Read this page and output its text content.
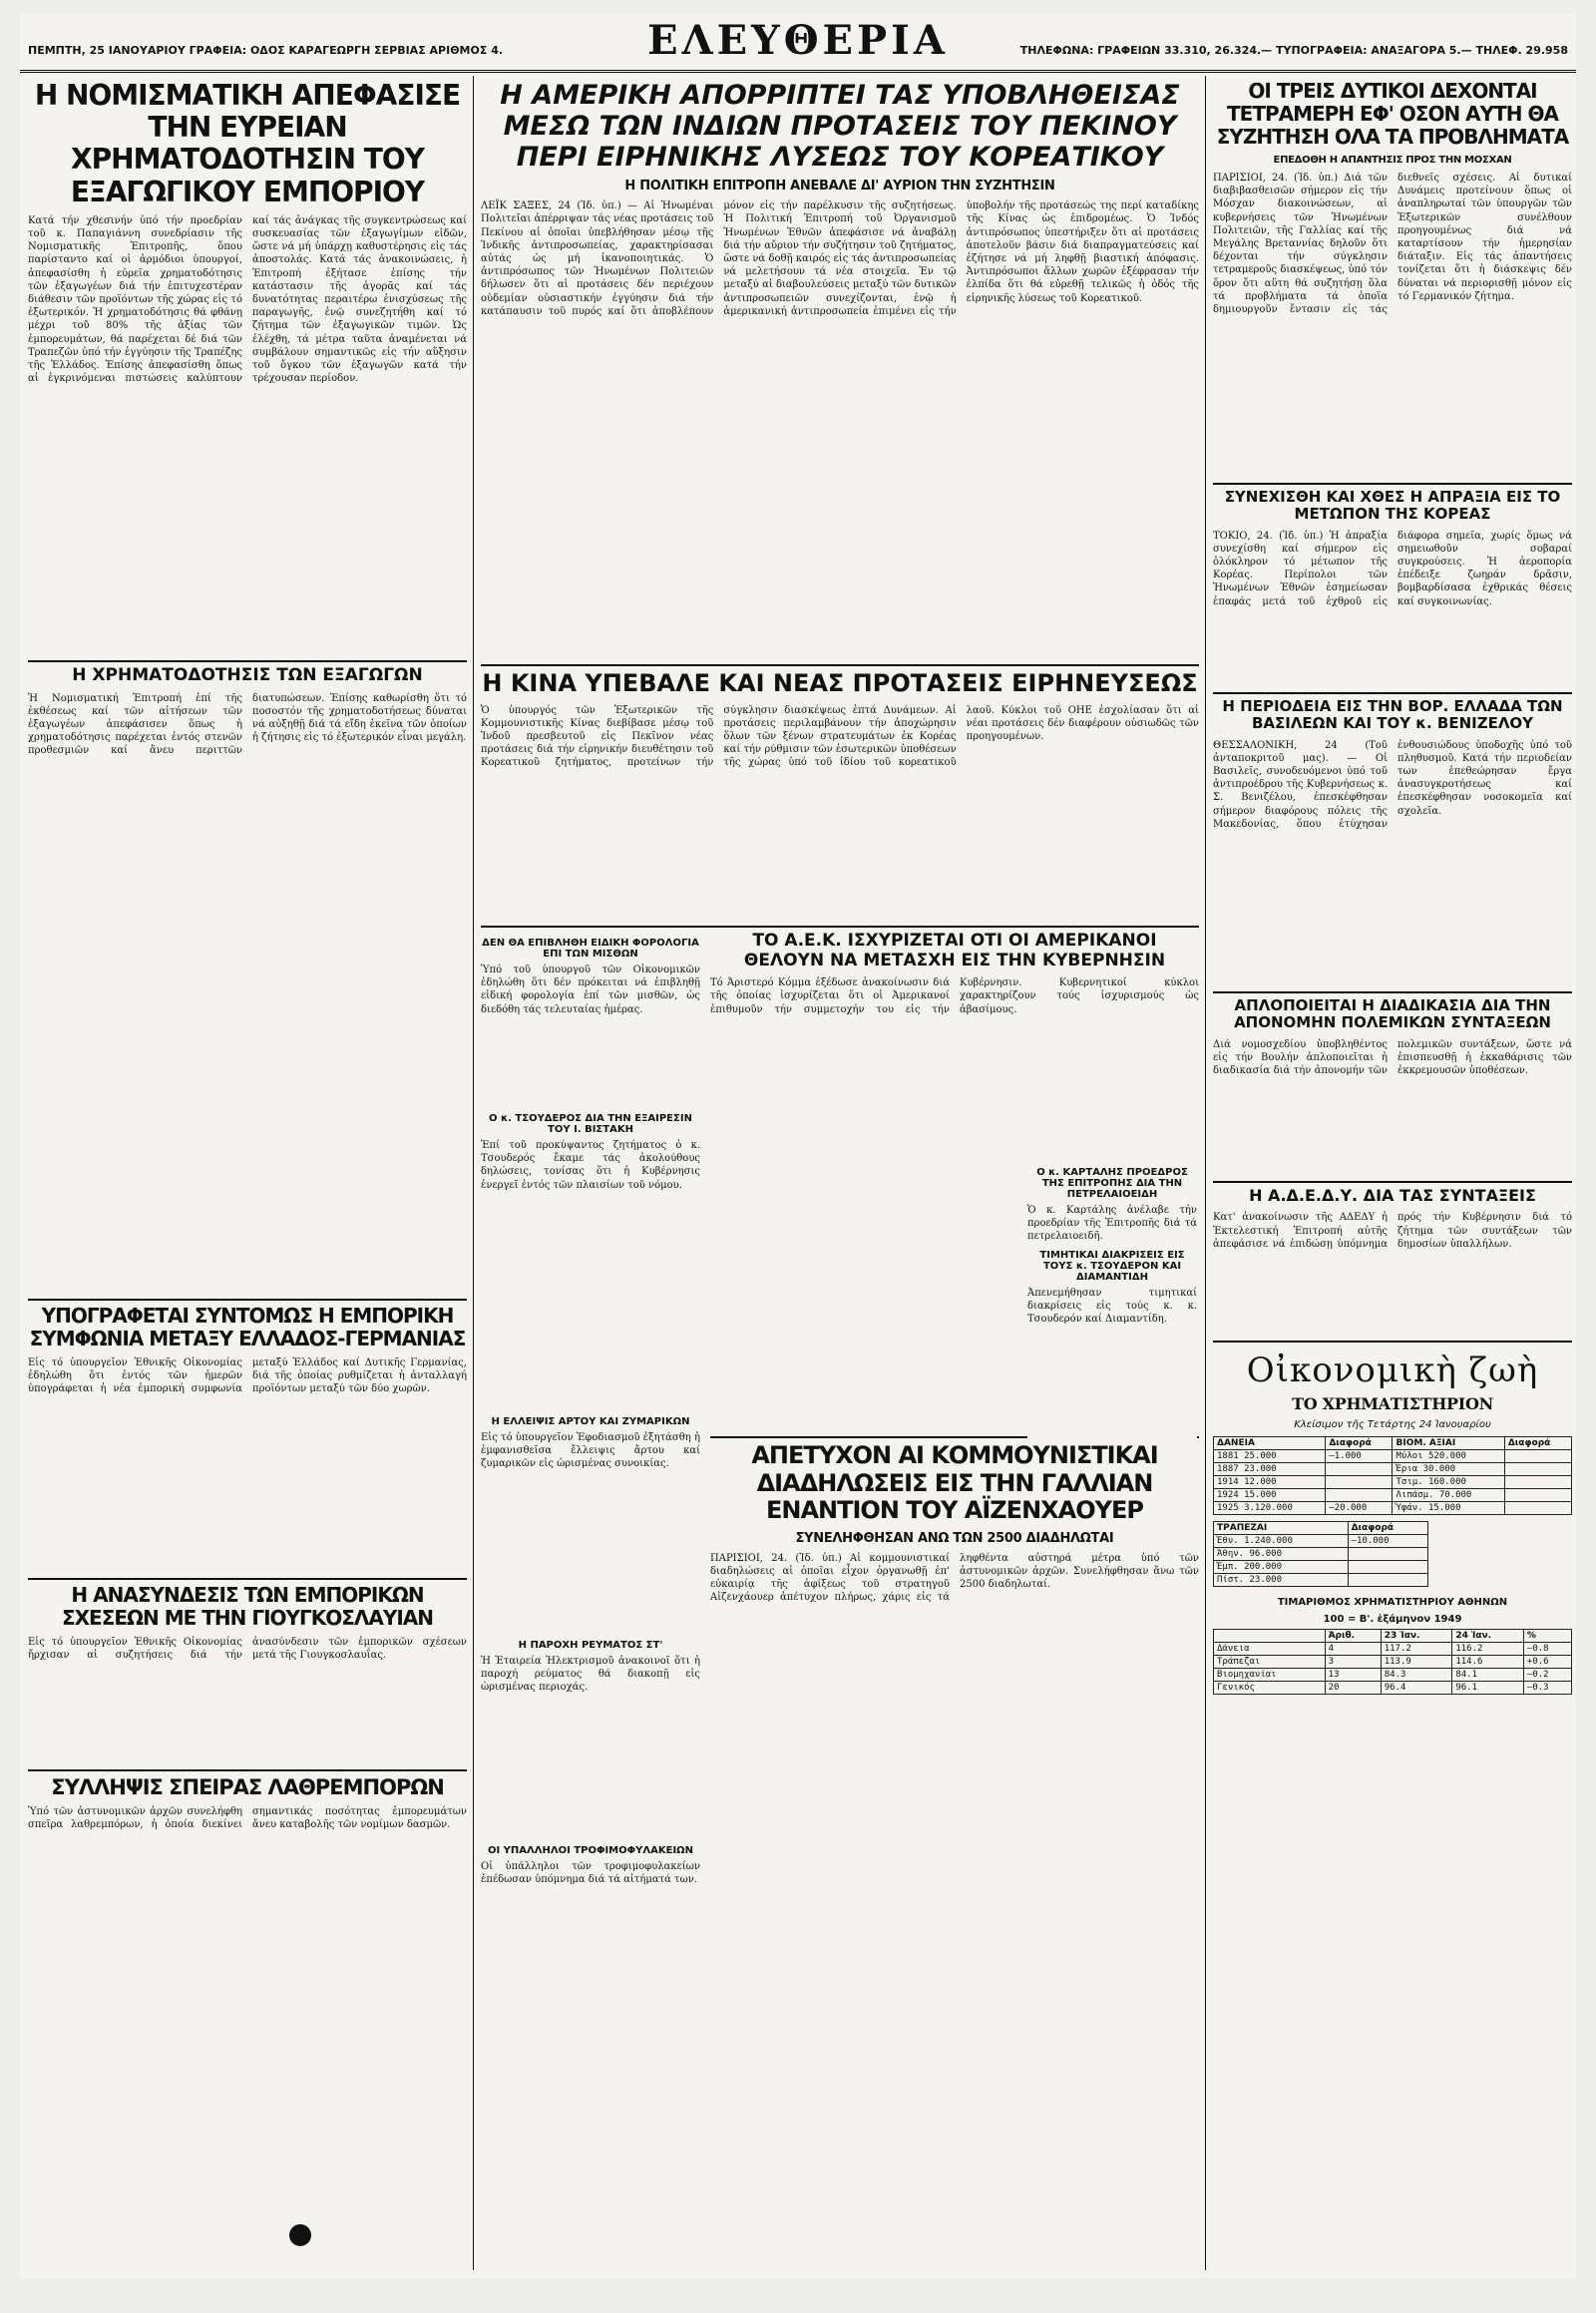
ΠΕΜΠΤΗ, 25 ΙΑΝΟΥΑΡΙΟΥ ΓΡΑΦΕΙΑ: ΟΔΟΣ ΚΑΡΑΓΕΩΡΓΗ ΣΕΡΒΙΑΣ ΑΡΙΘΜΟΣ 4.	ΕΛΕΥΘΕΡΙΑ	ΤΗΛΕΦΩΝΑ: ΓΡΑΦΕΙΩΝ 33.310, 26.324.— ΤΥΠΟΓΡΑΦΕΙΑ: ΑΝΑΞΑΓΟΡΑ 5.— ΤΗΛΕΦ. 29.958
Η ΝΟΜΙΣΜΑΤΙΚΗ ΑΠΕΦΑΣΙΣΕ ΤΗΝ ΕΥΡΕΙΑΝ ΧΡΗΜΑΤΟΔΟΤΗΣΙΝ ΤΟΥ ΕΞΑΓΩΓΙΚΟΥ ΕΜΠΟΡΙΟΥ

Κατά τήν χθεσινήν ὑπό τήν προεδρίαν τοῦ κ. Παπαγιάννη συνεδρίασιν τῆς Νομισματικῆς Ἐπιτροπῆς, ὅπου παρίσταντο καί οἱ ἁρμόδιοι ὑπουργοί, ἀπεφασίσθη ἡ εὐρεῖα χρηματοδότησις τῶν ἐξαγωγέων διά τήν ἐπιτυχεστέραν διάθεσιν τῶν προϊόντων τῆς χώρας εἰς τό ἐξωτερικόν. Ἡ χρηματοδότησις θά φθάνῃ μέχρι τοῦ 80% τῆς ἀξίας τῶν ἐμπορευμάτων, θά παρέχεται δέ διά τῶν Τραπεζῶν ὑπό τήν ἐγγύησιν τῆς Τραπέζης τῆς Ἑλλάδος. Ἐπίσης ἀπεφασίσθη ὅπως αἱ ἐγκρινόμεναι πιστώσεις καλύπτουν καί τάς ἀνάγκας τῆς συγκεντρώσεως καί συσκευασίας τῶν ἐξαγωγίμων εἰδῶν, ὥστε νά μή ὑπάρχῃ καθυστέρησις εἰς τάς ἀποστολάς. Κατά τάς ἀνακοινώσεις, ἡ Ἐπιτροπή ἐξήτασε ἐπίσης τήν κατάστασιν τῆς ἀγορᾶς καί τάς δυνατότητας περαιτέρω ἐνισχύσεως τῆς παραγωγῆς, ἐνῷ συνεζητήθη καί τό ζήτημα τῶν ἐξαγωγικῶν τιμῶν. Ὡς ἐλέχθη, τά μέτρα ταῦτα ἀναμένεται νά συμβάλουν σημαντικῶς εἰς τήν αὔξησιν τοῦ ὄγκου τῶν ἐξαγωγῶν κατά τήν τρέχουσαν περίοδον.

Η ΧΡΗΜΑΤΟΔΟΤΗΣΙΣ ΤΩΝ ΕΞΑΓΩΓΩΝ

Ἡ Νομισματική Ἐπιτροπή ἐπί τῆς ἐκθέσεως καί τῶν αἰτήσεων τῶν ἐξαγωγέων ἀπεφάσισεν ὅπως ἡ χρηματοδότησις παρέχεται ἐντός στενῶν προθεσμιῶν καί ἄνευ περιττῶν διατυπώσεων. Ἐπίσης καθωρίσθη ὅτι τό ποσοστόν τῆς χρηματοδοτήσεως δύναται νά αὐξηθῇ διά τά εἴδη ἐκεῖνα τῶν ὁποίων ἡ ζήτησις εἰς τό ἐξωτερικόν εἶναι μεγάλη.

ΥΠΟΓΡΑΦΕΤΑΙ ΣΥΝΤΟΜΩΣ Η ΕΜΠΟΡΙΚΗ ΣΥΜΦΩΝΙΑ ΜΕΤΑΞΥ ΕΛΛΑΔΟΣ-ΓΕΡΜΑΝΙΑΣ

Εἰς τό ὑπουργεῖον Ἐθνικῆς Οἰκονομίας ἐδηλώθη ὅτι ἐντός τῶν ἡμερῶν ὑπογράφεται ἡ νέα ἐμπορική συμφωνία μεταξύ Ἑλλάδος καί Δυτικῆς Γερμανίας, διά τῆς ὁποίας ρυθμίζεται ἡ ἀνταλλαγή προϊόντων μεταξύ τῶν δύο χωρῶν.

Η ΑΝΑΣΥΝΔΕΣΙΣ ΤΩΝ ΕΜΠΟΡΙΚΩΝ ΣΧΕΣΕΩΝ ΜΕ ΤΗΝ ΓΙΟΥΓΚΟΣΛΑΥΙΑΝ

Εἰς τό ὑπουργεῖον Ἐθνικῆς Οἰκονομίας ἤρχισαν αἱ συζητήσεις διά τήν ἀνασύνδεσιν τῶν ἐμπορικῶν σχέσεων μετά τῆς Γιουγκοσλαυΐας.

ΣΥΛΛΗΨΙΣ ΣΠΕΙΡΑΣ ΛΑΘΡΕΜΠΟΡΩΝ

Ὑπό τῶν ἀστυνομικῶν ἀρχῶν συνελήφθη σπεῖρα λαθρεμπόρων, ἡ ὁποία διεκίνει σημαντικάς ποσότητας ἐμπορευμάτων ἄνευ καταβολῆς τῶν νομίμων δασμῶν.

Η ΑΜΕΡΙΚΗ ΑΠΟΡΡΙΠΤΕΙ ΤΑΣ ΥΠΟΒΛΗΘΕΙΣΑΣ ΜΕΣΩ ΤΩΝ ΙΝΔΙΩΝ ΠΡΟΤΑΣΕΙΣ ΤΟΥ ΠΕΚΙΝΟΥ ΠΕΡΙ ΕΙΡΗΝΙΚΗΣ ΛΥΣΕΩΣ ΤΟΥ ΚΟΡΕΑΤΙΚΟΥ
Η ΠΟΛΙΤΙΚΗ ΕΠΙΤΡΟΠΗ ΑΝΕΒΑΛΕ ΔΙ' ΑΥΡΙΟΝ ΤΗΝ ΣΥΖΗΤΗΣΙΝ

ΛΕΪΚ ΣΑΞΕΣ, 24 (Ἰδ. ὑπ.) — Αἱ Ἡνωμέναι Πολιτεῖαι ἀπέρριψαν τάς νέας προτάσεις τοῦ Πεκίνου αἱ ὁποῖαι ὑπεβλήθησαν μέσῳ τῆς Ἰνδικῆς ἀντιπροσωπείας, χαρακτηρίσασαι αὐτάς ὡς μή ἱκανοποιητικάς. Ὁ ἀντιπρόσωπος τῶν Ἡνωμένων Πολιτειῶν δήλωσεν ὅτι αἱ προτάσεις δέν περιέχουν οὐδεμίαν οὐσιαστικήν ἐγγύησιν διά τήν κατάπαυσιν τοῦ πυρός καί ὅτι ἀποβλέπουν μόνον εἰς τήν παρέλκυσιν τῆς συζητήσεως. Ἡ Πολιτική Ἐπιτροπή τοῦ Ὀργανισμοῦ Ἡνωμένων Ἐθνῶν ἀπεφάσισε νά ἀναβάλῃ διά τήν αὔριον τήν συζήτησιν τοῦ ζητήματος, ὥστε νά δοθῇ καιρός εἰς τάς ἀντιπροσωπείας νά μελετήσουν τά νέα στοιχεῖα. Ἐν τῷ μεταξύ αἱ διαβουλεύσεις μεταξύ τῶν δυτικῶν ἀντιπροσωπειῶν συνεχίζονται, ἐνῷ ἡ ἀμερικανική ἀντιπροσωπεία ἐπιμένει εἰς τήν ὑποβολήν τῆς προτάσεώς της περί καταδίκης τῆς Κίνας ὡς ἐπιδρομέως. Ὁ Ἰνδός ἀντιπρόσωπος ὑπεστήριξεν ὅτι αἱ προτάσεις ἀποτελοῦν βάσιν διά διαπραγματεύσεις καί ἐζήτησε νά μή ληφθῇ βιαστική ἀπόφασις. Ἀντιπρόσωποι ἄλλων χωρῶν ἐξέφρασαν τήν ἐλπίδα ὅτι θά εὑρεθῇ τελικῶς ἡ ὁδός τῆς εἰρηνικῆς λύσεως τοῦ Κορεατικοῦ.

Η ΚΙΝΑ ΥΠΕΒΑΛΕ ΚΑΙ ΝΕΑΣ ΠΡΟΤΑΣΕΙΣ ΕΙΡΗΝΕΥΣΕΩΣ

Ὁ ὑπουργός τῶν Ἐξωτερικῶν τῆς Κομμουνιστικῆς Κίνας διεβίβασε μέσῳ τοῦ Ἰνδοῦ πρεσβευτοῦ εἰς Πεκῖνον νέας προτάσεις διά τήν εἰρηνικήν διευθέτησιν τοῦ Κορεατικοῦ ζητήματος, προτείνων τήν σύγκλησιν διασκέψεως ἑπτά Δυνάμεων. Αἱ προτάσεις περιλαμβάνουν τήν ἀποχώρησιν ὅλων τῶν ξένων στρατευμάτων ἐκ Κορέας καί τήν ρύθμισιν τῶν ἐσωτερικῶν ὑποθέσεων τῆς χώρας ὑπό τοῦ ἰδίου τοῦ κορεατικοῦ λαοῦ. Κύκλοι τοῦ ΟΗΕ ἐσχολίασαν ὅτι αἱ νέαι προτάσεις δέν διαφέρουν οὐσιωδῶς τῶν προηγουμένων.

ΔΕΝ ΘΑ ΕΠΙΒΛΗΘΗ ΕΙΔΙΚΗ ΦΟΡΟΛΟΓΙΑ ΕΠΙ ΤΩΝ ΜΙΣΘΩΝ

Ὑπό τοῦ ὑπουργοῦ τῶν Οἰκονομικῶν ἐδηλώθη ὅτι δέν πρόκειται νά ἐπιβληθῇ εἰδική φορολογία ἐπί τῶν μισθῶν, ὡς διεδόθη τάς τελευταίας ἡμέρας.

Ο κ. ΤΣΟΥΔΕΡΟΣ ΔΙΑ ΤΗΝ ΕΞΑΙΡΕΣΙΝ ΤΟΥ Ι. ΒΙΣΤΑΚΗ

Ἐπί τοῦ προκύψαντος ζητήματος ὁ κ. Τσουδερός ἔκαμε τάς ἀκολούθους δηλώσεις, τονίσας ὅτι ἡ Κυβέρνησις ἐνεργεῖ ἐντός τῶν πλαισίων τοῦ νόμου.

Η ΕΛΛΕΙΨΙΣ ΑΡΤΟΥ ΚΑΙ ΖΥΜΑΡΙΚΩΝ

Εἰς τό ὑπουργεῖον Ἐφοδιασμοῦ ἐξητάσθη ἡ ἐμφανισθεῖσα ἔλλειψις ἄρτου καί ζυμαρικῶν εἰς ὡρισμένας συνοικίας.

Η ΠΑΡΟΧΗ ΡΕΥΜΑΤΟΣ ΣΤ'

Ἡ Ἑταιρεία Ἠλεκτρισμοῦ ἀνακοινοῖ ὅτι ἡ παροχή ρεύματος θά διακοπῇ εἰς ὡρισμένας περιοχάς.

ΟΙ ΥΠΑΛΛΗΛΟΙ ΤΡΟΦΙΜΟΦΥΛΑΚΕΙΩΝ

Οἱ ὑπάλληλοι τῶν τροφιμοφυλακείων ἐπέδωσαν ὑπόμνημα διά τά αἰτήματά των.

ΤΟ Α.Ε.Κ. ΙΣΧΥΡΙΖΕΤΑΙ ΟΤΙ ΟΙ ΑΜΕΡΙΚΑΝΟΙ ΘΕΛΟΥΝ ΝΑ ΜΕΤΑΣΧΗ ΕΙΣ ΤΗΝ ΚΥΒΕΡΝΗΣΙΝ

Τό Ἀριστερό Κόμμα ἐξέδωσε ἀνακοίνωσιν διά τῆς ὁποίας ἰσχυρίζεται ὅτι οἱ Ἀμερικανοί ἐπιθυμοῦν τήν συμμετοχήν του εἰς τήν Κυβέρνησιν. Κυβερνητικοί κύκλοι χαρακτηρίζουν τούς ἰσχυρισμούς ὡς ἀβασίμους.

ΑΠΕΤΥΧΟΝ ΑΙ ΚΟΜΜΟΥΝΙΣΤΙΚΑΙ ΔΙΑΔΗΛΩΣΕΙΣ ΕΙΣ ΤΗΝ ΓΑΛΛΙΑΝ ΕΝΑΝΤΙΟΝ ΤΟΥ ΑΪΖΕΝΧΑΟΥΕΡ
ΣΥΝΕΛΗΦΘΗΣΑΝ ΑΝΩ ΤΩΝ 2500 ΔΙΑΔΗΛΩΤΑΙ

ΠΑΡΙΣΙΟΙ, 24. (Ἰδ. ὑπ.) Αἱ κομμουνιστικαί διαδηλώσεις αἱ ὁποῖαι εἶχον ὀργανωθῇ ἐπ' εὐκαιρίᾳ τῆς ἀφίξεως τοῦ στρατηγοῦ Αἰζενχάουερ ἀπέτυχον πλήρως, χάρις εἰς τά ληφθέντα αὐστηρά μέτρα ὑπό τῶν ἀστυνομικῶν ἀρχῶν. Συνελήφθησαν ἄνω τῶν 2500 διαδηλωταί.

ΟΙ ΤΡΕΙΣ ΔΥΤΙΚΟΙ ΔΕΧΟΝΤΑΙ ΤΕΤΡΑΜΕΡΗ ΕΦ' ΟΣΟΝ ΑΥΤΗ ΘΑ ΣΥΖΗΤΗΣΗ ΟΛΑ ΤΑ ΠΡΟΒΛΗΜΑΤΑ
ΕΠΕΔΟΘΗ Η ΑΠΑΝΤΗΣΙΣ ΠΡΟΣ ΤΗΝ ΜΟΣΧΑΝ

ΠΑΡΙΣΙΟΙ, 24. (Ἰδ. ὑπ.) Διά τῶν διαβιβασθεισῶν σήμερον εἰς τήν Μόσχαν διακοινώσεων, αἱ κυβερνήσεις τῶν Ἡνωμένων Πολιτειῶν, τῆς Γαλλίας καί τῆς Μεγάλης Βρεταννίας δηλοῦν ὅτι δέχονται τήν σύγκλησιν τετραμεροῦς διασκέψεως, ὑπό τόν ὅρον ὅτι αὕτη θά συζητήσῃ ὅλα τά προβλήματα τά ὁποῖα δημιουργοῦν ἔντασιν εἰς τάς διεθνεῖς σχέσεις. Αἱ δυτικαί Δυνάμεις προτείνουν ὅπως οἱ ἀναπληρωταί τῶν ὑπουργῶν τῶν Ἐξωτερικῶν συνέλθουν προηγουμένως διά νά καταρτίσουν τήν ἡμερησίαν διάταξιν. Εἰς τάς ἀπαντήσεις τονίζεται ὅτι ἡ διάσκεψις δέν δύναται νά περιορισθῇ μόνον εἰς τό Γερμανικόν ζήτημα.

ΣΥΝΕΧΙΣΘΗ ΚΑΙ ΧΘΕΣ Η ΑΠΡΑΞΙΑ ΕΙΣ ΤΟ ΜΕΤΩΠΟΝ ΤΗΣ ΚΟΡΕΑΣ

ΤΟΚΙΟ, 24. (Ἰδ. ὑπ.) Ἡ ἀπραξία συνεχίσθη καί σήμερον εἰς ὁλόκληρον τό μέτωπον τῆς Κορέας. Περίπολοι τῶν Ἡνωμένων Ἐθνῶν ἐσημείωσαν ἐπαφάς μετά τοῦ ἐχθροῦ εἰς διάφορα σημεῖα, χωρίς ὅμως νά σημειωθοῦν σοβαραί συγκρούσεις. Ἡ ἀεροπορία ἐπέδειξε ζωηράν δρᾶσιν, βομβαρδίσασα ἐχθρικάς θέσεις καί συγκοινωνίας.

Η ΠΕΡΙΟΔΕΙΑ ΕΙΣ ΤΗΝ ΒΟΡ. ΕΛΛΑΔΑ ΤΩΝ ΒΑΣΙΛΕΩΝ ΚΑΙ ΤΟΥ κ. ΒΕΝΙΖΕΛΟΥ

ΘΕΣΣΑΛΟΝΙΚΗ, 24 (Τοῦ ἀνταποκριτοῦ μας). — Οἱ Βασιλεῖς, συνοδευόμενοι ὑπό τοῦ ἀντιπροέδρου τῆς Κυβερνήσεως κ. Σ. Βενιζέλου, ἐπεσκέφθησαν σήμερον διαφόρους πόλεις τῆς Μακεδονίας, ὅπου ἐτύχησαν ἐνθουσιώδους ὑποδοχῆς ὑπό τοῦ πληθυσμοῦ. Κατά τήν περιοδείαν των ἐπεθεώρησαν ἔργα ἀνασυγκροτήσεως καί ἐπεσκέφθησαν νοσοκομεῖα καί σχολεῖα.

ΑΠΛΟΠΟΙΕΙΤΑΙ Η ΔΙΑΔΙΚΑΣΙΑ ΔΙΑ ΤΗΝ ΑΠΟΝΟΜΗΝ ΠΟΛΕΜΙΚΩΝ ΣΥΝΤΑΞΕΩΝ

Διά νομοσχεδίου ὑποβληθέντος εἰς τήν Βουλήν ἀπλοποιεῖται ἡ διαδικασία διά τήν ἀπονομήν τῶν πολεμικῶν συντάξεων, ὥστε νά ἐπισπευσθῇ ἡ ἐκκαθάρισις τῶν ἐκκρεμουσῶν ὑποθέσεων.

Η Α.Δ.Ε.Δ.Υ. ΔΙΑ ΤΑΣ ΣΥΝΤΑΞΕΙΣ

Κατ' ἀνακοίνωσιν τῆς ΑΔΕΔΥ ἡ Ἐκτελεστική Ἐπιτροπή αὐτῆς ἀπεφάσισε νά ἐπιδώσῃ ὑπόμνημα πρός τήν Κυβέρνησιν διά τό ζήτημα τῶν συντάξεων τῶν δημοσίων ὑπαλλήλων.

Οἰκονομικὴ ζωὴ
ΤΟ ΧΡΗΜΑΤΙΣΤΗΡΙΟΝ
Κλείσιμον τῆς Τετάρτης 24 Ἰανουαρίου
ΔΑΝΕΙΑ	Διαφορά	ΒΙΟΜ. ΑΞΙΑΙ	Διαφορά
1881 25.000	—1.000	Μύλοι 520.000	
1887 23.000		Ἐρια 30.000	
1914 12.000		Τσιμ. 160.000	
1924 15.000		Λιπάσμ. 70.000	
1925 3.120.000	—20.000	Ὑφάν. 15.000	
ΤΡΑΠΕΖΑΙ	Διαφορά
Ἐθν. 1.240.000	—10.000
Ἀθην. 96.000	
Ἐμπ. 200.000	
Πίστ. 23.000	
ΤΙΜΑΡΙΘΜΟΣ ΧΡΗΜΑΤΙΣΤΗΡΙΟΥ ΑΘΗΝΩΝ
100 = Β'. ἑξάμηνον 1949
	Ἀριθ.	23 Ἰαν.	24 Ἰαν.	%
Δάνεια	4	117.2	116.2	—0.8
Τράπεζαι	3	113.9	114.6	+0.6
Βιομηχανίαι	13	84.3	84.1	—0.2
Γενικός	20	96.4	96.1	—0.3
Ο κ. ΚΑΡΤΑΛΗΣ ΠΡΟΕΔΡΟΣ ΤΗΣ ΕΠΙΤΡΟΠΗΣ ΔΙΑ ΤΗΝ ΠΕΤΡΕΛΑΙΟΕΙΔΗ

Ὁ κ. Καρτάλης ἀνέλαβε τήν προεδρίαν τῆς Ἐπιτροπῆς διά τά πετρελαιοειδῆ.

ΤΙΜΗΤΙΚΑΙ ΔΙΑΚΡΙΣΕΙΣ ΕΙΣ ΤΟΥΣ κ. ΤΣΟΥΔΕΡΟΝ ΚΑΙ ΔΙΑΜΑΝΤΙΔΗ

Ἀπενεμήθησαν τιμητικαί διακρίσεις εἰς τούς κ. κ. Τσουδερόν καί Διαμαντίδη.
